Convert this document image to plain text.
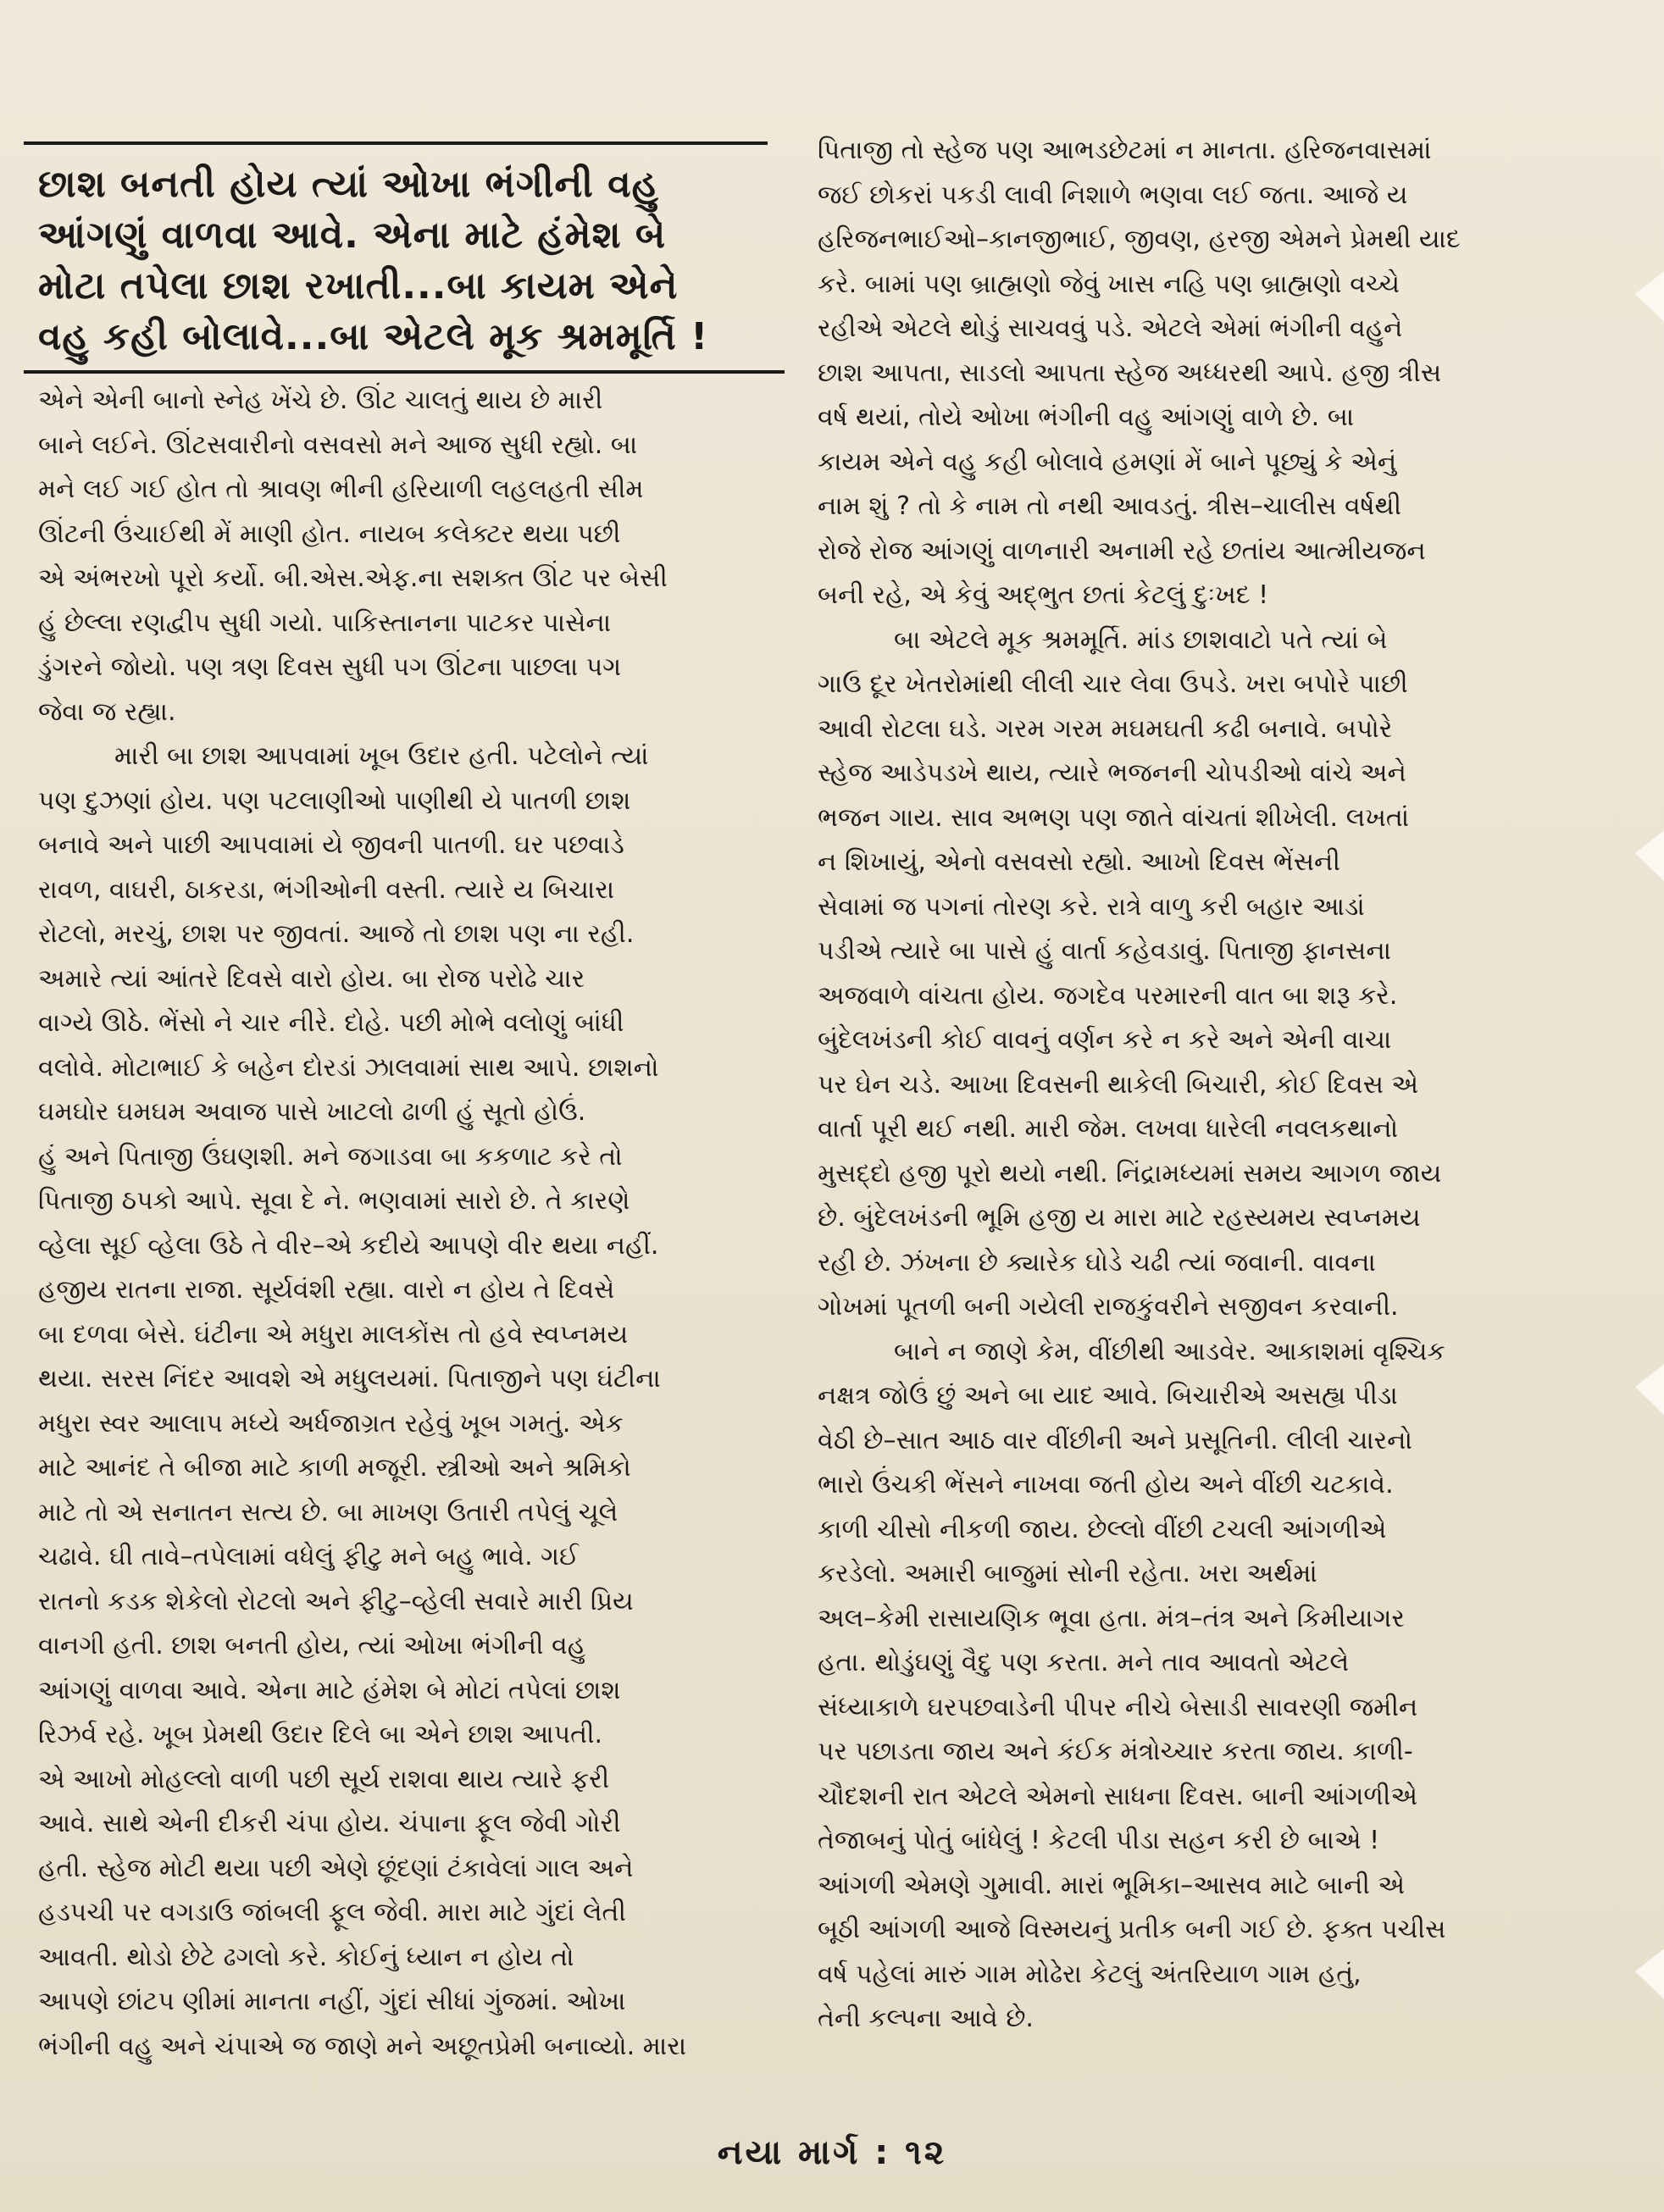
છાશ બનતી હોય ત્યાં ઓખા ભંગીની વહુ
આંગણું વાળવા આવે. એના માટે હંમેશ બે
મોટા તપેલા છાશ રખાતી...બા કાયમ એને
વહુ કહી બોલાવે...બા એટલે મૂક શ્રમમૂર્તિ !
એને એની બાનો સ્નેહ ખેંચે છે. ઊંટ ચાલતું થાય છે મારી
બાને લઈને. ઊંટસવારીનો વસવસો મને આજ સુધી રહ્યો. બા
મને લઈ ગઈ હોત તો શ્રાવણ ભીની હરિયાળી લહલહતી સીમ
ઊંટની ઉંચાઈથી મેં માણી હોત. નાયબ કલેક્ટર થયા પછી
એ અંભરખો પૂરો કર્યો. બી.એસ.એફ.ના સશક્ત ઊંટ પર બેસી
હું છેલ્લા રણદ્વીપ સુધી ગયો. પાકિસ્તાનના પાટકર પાસેના
ડુંગરને જોયો. પણ ત્રણ દિવસ સુધી પગ ઊંટના પાછલા પગ
જેવા જ રહ્યા.
મારી બા છાશ આપવામાં ખૂબ ઉદાર હતી. પટેલોને ત્યાં
પણ દુઝણાં હોય. પણ પટલાણીઓ પાણીથી યે પાતળી છાશ
બનાવે અને પાછી આપવામાં યે જીવની પાતળી. ઘર પછવાડે
રાવળ, વાઘરી, ઠાકરડા, ભંગીઓની વસ્તી. ત્યારે ય બિચારા
રોટલો, મરચું, છાશ પર જીવતાં. આજે તો છાશ પણ ના રહી.
અમારે ત્યાં આંતરે દિવસે વારો હોય. બા રોજ પરોઢે ચાર
વાગ્યે ઊઠે. ભેંસો ને ચાર નીરે. દોહે. પછી મોભે વલોણું બાંધી
વલોવે. મોટાભાઈ કે બહેન દોરડાં ઝાલવામાં સાથ આપે. છાશનો
ઘમઘોર ઘમઘમ અવાજ પાસે ખાટલો ઢાળી હું સૂતો હોઉં.
હું અને પિતાજી ઉંઘણશી. મને જગાડવા બા કકળાટ કરે તો
પિતાજી ઠપકો આપે. સૂવા દે ને. ભણવામાં સારો છે. તે કારણે
વ્હેલા સૂઈ વ્હેલા ઉઠે તે વીર–એ કદીયે આપણે વીર થયા નહીં.
હજીય રાતના રાજા. સૂર્યવંશી રહ્યા. વારો ન હોય તે દિવસે
બા દળવા બેસે. ઘંટીના એ મધુરા માલકોંસ તો હવે સ્વપ્નમય
થયા. સરસ નિંદર આવશે એ મધુલયમાં. પિતાજીને પણ ઘંટીના
મધુરા સ્વર આલાપ મધ્યે અર્ધજાગ્રત રહેવું ખૂબ ગમતું. એક
માટે આનંદ તે બીજા માટે કાળી મજૂરી. સ્ત્રીઓ અને શ્રમિકો
માટે તો એ સનાતન સત્ય છે. બા માખણ ઉતારી તપેલું ચૂલે
ચઢાવે. ઘી તાવે–તપેલામાં વધેલું ફીટુ મને બહુ ભાવે. ગઈ
રાતનો કડક શેકેલો રોટલો અને ફીટુ–વ્હેલી સવારે મારી પ્રિય
વાનગી હતી. છાશ બનતી હોય, ત્યાં ઓખા ભંગીની વહુ
આંગણું વાળવા આવે. એના માટે હંમેશ બે મોટાં તપેલાં છાશ
રિઝર્વ રહે. ખૂબ પ્રેમથી ઉદાર દિલે બા એને છાશ આપતી.
એ આખો મોહલ્લો વાળી પછી સૂર્ય રાશવા થાય ત્યારે ફરી
આવે. સાથે એની દીકરી ચંપા હોય. ચંપાના ફૂલ જેવી ગોરી
હતી. સ્હેજ મોટી થયા પછી એણે છૂંદણાં ટંકાવેલાં ગાલ અને
હડપચી પર વગડાઉ જાંબલી ફૂલ જેવી. મારા માટે ગુંદાં લેતી
આવતી. થોડો છેટે ઢગલો કરે. કોઈનું ધ્યાન ન હોય તો
આપણે છાંટપ ણીમાં માનતા નહીં, ગુંદાં સીધાં ગુંજમાં. ઓખા
ભંગીની વહુ અને ચંપાએ જ જાણે મને અછૂતપ્રેમી બનાવ્યો. મારા
પિતાજી તો સ્હેજ પણ આભડછેટમાં ન માનતા. હરિજનવાસમાં
જઈ છોકરાં પકડી લાવી નિશાળે ભણવા લઈ જતા. આજે ય
હરિજનભાઈઓ–કાનજીભાઈ, જીવણ, હરજી એમને પ્રેમથી યાદ
કરે. બામાં પણ બ્રાહ્મણો જેવું ખાસ નહિ પણ બ્રાહ્મણો વચ્ચે
રહીએ એટલે થોડું સાચવવું પડે. એટલે એમાં ભંગીની વહુને
છાશ આપતા, સાડલો આપતા સ્હેજ અધ્ધરથી આપે. હજી ત્રીસ
વર્ષ થયાં, તોયે ઓખા ભંગીની વહુ આંગણું વાળે છે. બા
કાયમ એને વહુ કહી બોલાવે હમણાં મેં બાને પૂછ્યું કે એનું
નામ શું ? તો કે નામ તો નથી આવડતું. ત્રીસ–ચાલીસ વર્ષથી
રોજે રોજ આંગણું વાળનારી અનામી રહે છતાંય આત્મીયજન
બની રહે, એ કેવું અદ્ભુત છતાં કેટલું દુઃખદ !
બા એટલે મૂક શ્રમમૂર્તિ. માંડ છાશવાટો પતે ત્યાં બે
ગાઉ દૂર ખેતરોમાંથી લીલી ચાર લેવા ઉપડે. ખરા બપોરે પાછી
આવી રોટલા ઘડે. ગરમ ગરમ મઘમઘતી કઢી બનાવે. બપોરે
સ્હેજ આડેપડખે થાય, ત્યારે ભજનની ચોપડીઓ વાંચે અને
ભજન ગાય. સાવ અભણ પણ જાતે વાંચતાં શીખેલી. લખતાં
ન શિખાયું, એનો વસવસો રહ્યો. આખો દિવસ ભેંસની
સેવામાં જ પગનાં તોરણ કરે. રાત્રે વાળુ કરી બહાર આડાં
પડીએ ત્યારે બા પાસે હું વાર્તા કહેવડાવું. પિતાજી ફાનસના
અજવાળે વાંચતા હોય. જગદેવ પરમારની વાત બા શરૂ કરે.
બુંદેલખંડની કોઈ વાવનું વર્ણન કરે ન કરે અને એની વાચા
પર ઘેન ચડે. આખા દિવસની થાકેલી બિચારી, કોઈ દિવસ એ
વાર્તા પૂરી થઈ નથી. મારી જેમ. લખવા ધારેલી નવલકથાનો
મુસદ્દો હજી પૂરો થયો નથી. નિંદ્રામધ્યમાં સમય આગળ જાય
છે. બુંદેલખંડની ભૂમિ હજી ય મારા માટે રહસ્યમય સ્વપ્નમય
રહી છે. ઝંખના છે ક્યારેક ઘોડે ચઢી ત્યાં જવાની. વાવના
ગોખમાં પૂતળી બની ગયેલી રાજકુંવરીને સજીવન કરવાની.
બાને ન જાણે કેમ, વીંછીથી આડવેર. આકાશમાં વૃશ્ચિક
નક્ષત્ર જોઉં છું અને બા યાદ આવે. બિચારીએ અસહ્ય પીડા
વેઠી છે–સાત આઠ વાર વીંછીની અને પ્રસૂતિની. લીલી ચારનો
ભારો ઉંચકી ભેંસને નાખવા જતી હોય અને વીંછી ચટકાવે.
કાળી ચીસો નીકળી જાય. છેલ્લો વીંછી ટચલી આંગળીએ
કરડેલો. અમારી બાજુમાં સોની રહેતા. ખરા અર્થમાં
અલ–કેમી રાસાયણિક ભૂવા હતા. મંત્ર–તંત્ર અને કિમીયાગર
હતા. થોડુંઘણું વૈદુ પણ કરતા. મને તાવ આવતો એટલે
સંધ્યાકાળે ઘરપછવાડેની પીપર નીચે બેસાડી સાવરણી જમીન
પર પછાડતા જાય અને કંઈક મંત્રોચ્ચાર કરતા જાય. કાળી-
ચૌદશની રાત એટલે એમનો સાધના દિવસ. બાની આંગળીએ
તેજાબનું પોતું બાંધેલું ! કેટલી પીડા સહન કરી છે બાએ !
આંગળી એમણે ગુમાવી. મારાં ભૂમિકા–આસવ માટે બાની એ
બૂઠી આંગળી આજે વિસ્મયનું પ્રતીક બની ગઈ છે. ફક્ત પચીસ
વર્ષ પહેલાં મારું ગામ મોઢેરા કેટલું અંતરિયાળ ગામ હતું,
તેની કલ્પના આવે છે.
નયા માર્ગ : ૧૨
